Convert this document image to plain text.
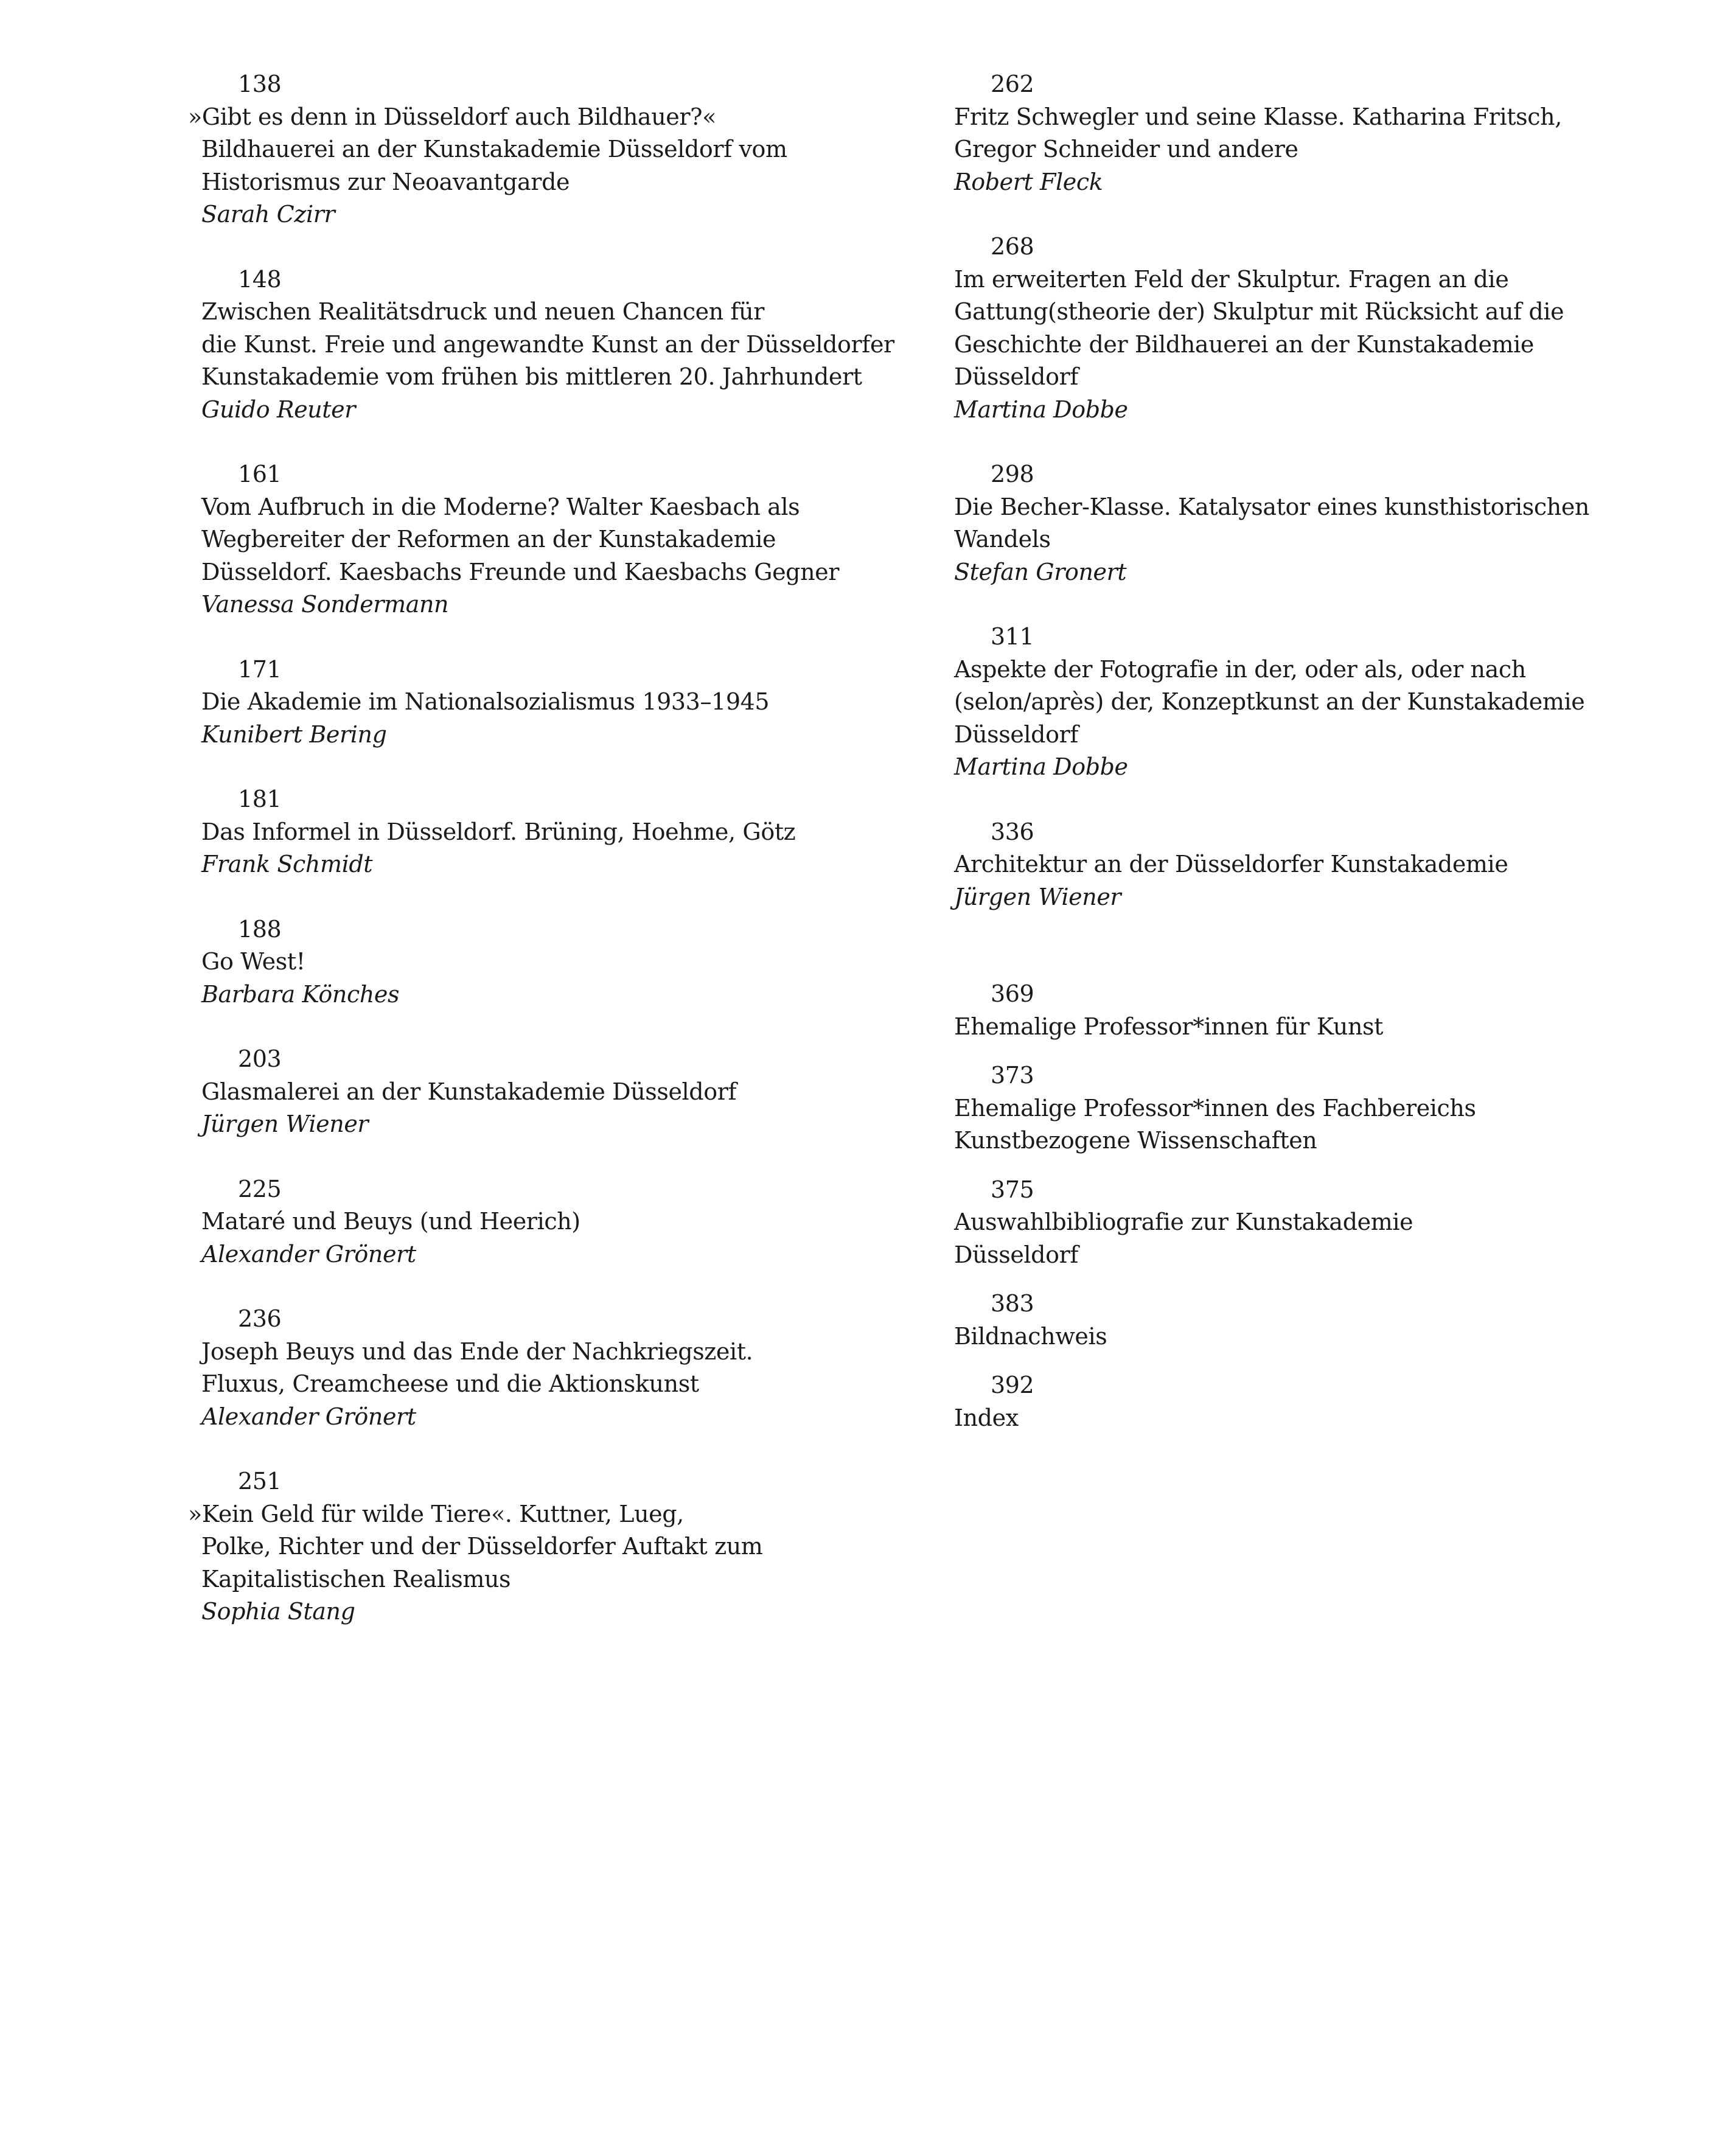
138
»Gibt es denn in Düsseldorf auch Bildhauer?«
Bildhauerei an der Kunstakademie Düsseldorf vom
Historismus zur Neoavantgarde
Sarah Czirr
148
Zwischen Realitätsdruck und neuen Chancen für
die Kunst. Freie und angewandte Kunst an der Düsseldorfer
Kunstakademie vom frühen bis mittleren 20. Jahrhundert
Guido Reuter
161
Vom Aufbruch in die Moderne? Walter Kaesbach als
Wegbereiter der Reformen an der Kunstakademie
Düsseldorf. Kaesbachs Freunde und Kaesbachs Gegner
Vanessa Sondermann
171
Die Akademie im Nationalsozialismus 1933–1945
Kunibert Bering
181
Das Informel in Düsseldorf. Brüning, Hoehme, Götz
Frank Schmidt
188
Go West!
Barbara Könches
203
Glasmalerei an der Kunstakademie Düsseldorf
Jürgen Wiener
225
Mataré und Beuys (und Heerich)
Alexander Grönert
236
Joseph Beuys und das Ende der Nachkriegszeit.
Fluxus, Creamcheese und die Aktionskunst
Alexander Grönert
251
»Kein Geld für wilde Tiere«. Kuttner, Lueg,
Polke, Richter und der Düsseldorfer Auftakt zum
Kapitalistischen Realismus
Sophia Stang
262
Fritz Schwegler und seine Klasse. Katharina Fritsch,
Gregor Schneider und andere
Robert Fleck
268
Im erweiterten Feld der Skulptur. Fragen an die
Gattung(stheorie der) Skulptur mit Rücksicht auf die
Geschichte der Bildhauerei an der Kunstakademie Düsseldorf
Martina Dobbe
298
Die Becher-Klasse. Katalysator eines kunsthistorischen
Wandels
Stefan Gronert
311
Aspekte der Fotografie in der, oder als, oder nach
(selon/après) der, Konzeptkunst an der Kunstakademie
Düsseldorf
Martina Dobbe
336
Architektur an der Düsseldorfer Kunstakademie
Jürgen Wiener
369
Ehemalige Professor*innen für Kunst
373
Ehemalige Professor*innen des Fachbereichs
Kunstbezogene Wissenschaften
375
Auswahlbibliografie zur Kunstakademie
Düsseldorf
383
Bildnachweis
392
Index
